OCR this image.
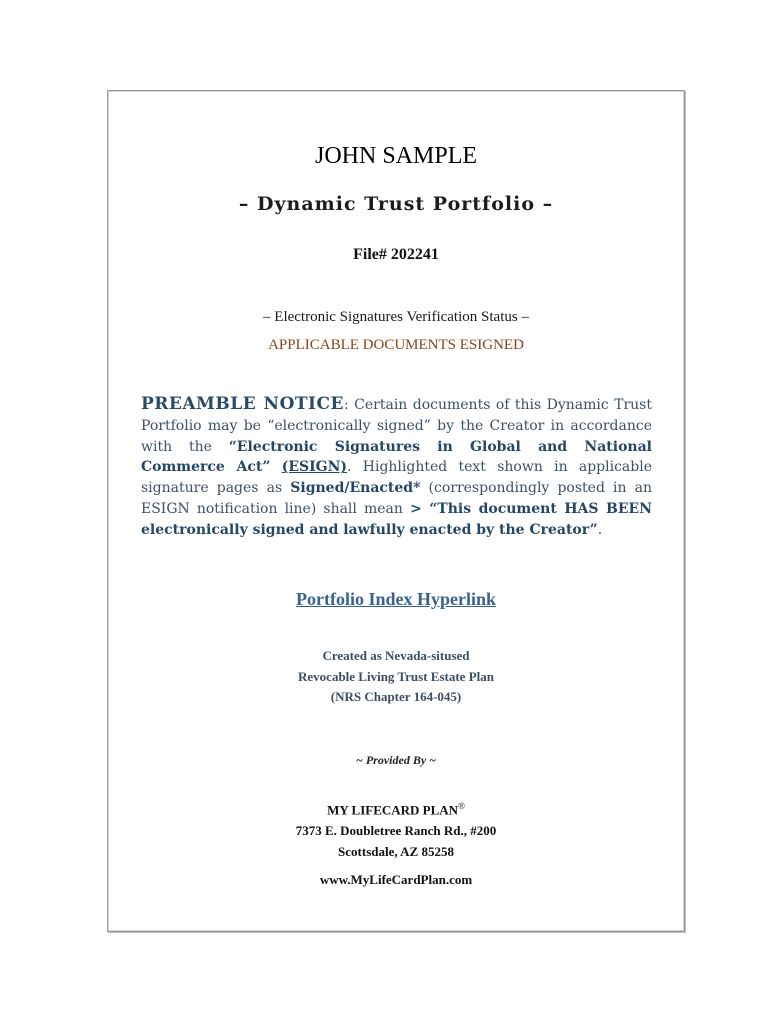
JOHN SAMPLE
– Dynamic Trust Portfolio –
File# 202241
– Electronic Signatures Verification Status –
APPLICABLE DOCUMENTS ESIGNED
PREAMBLE NOTICE: Certain documents of this Dynamic Trust Portfolio may be “electronically signed” by the Creator in accordance with the “Electronic Signatures in Global and National Commerce Act” (ESIGN). Highlighted text shown in applicable signature pages as Signed/Enacted* (correspondingly posted in an ESIGN notification line) shall mean > “This document HAS BEEN electronically signed and lawfully enacted by the Creator”.
Portfolio Index Hyperlink
Created as Nevada-sitused
Revocable Living Trust Estate Plan
(NRS Chapter 164-045)
~ Provided By ~
MY LIFECARD PLAN®
7373 E. Doubletree Ranch Rd., #200
Scottsdale, AZ 85258
www.MyLifeCardPlan.com
